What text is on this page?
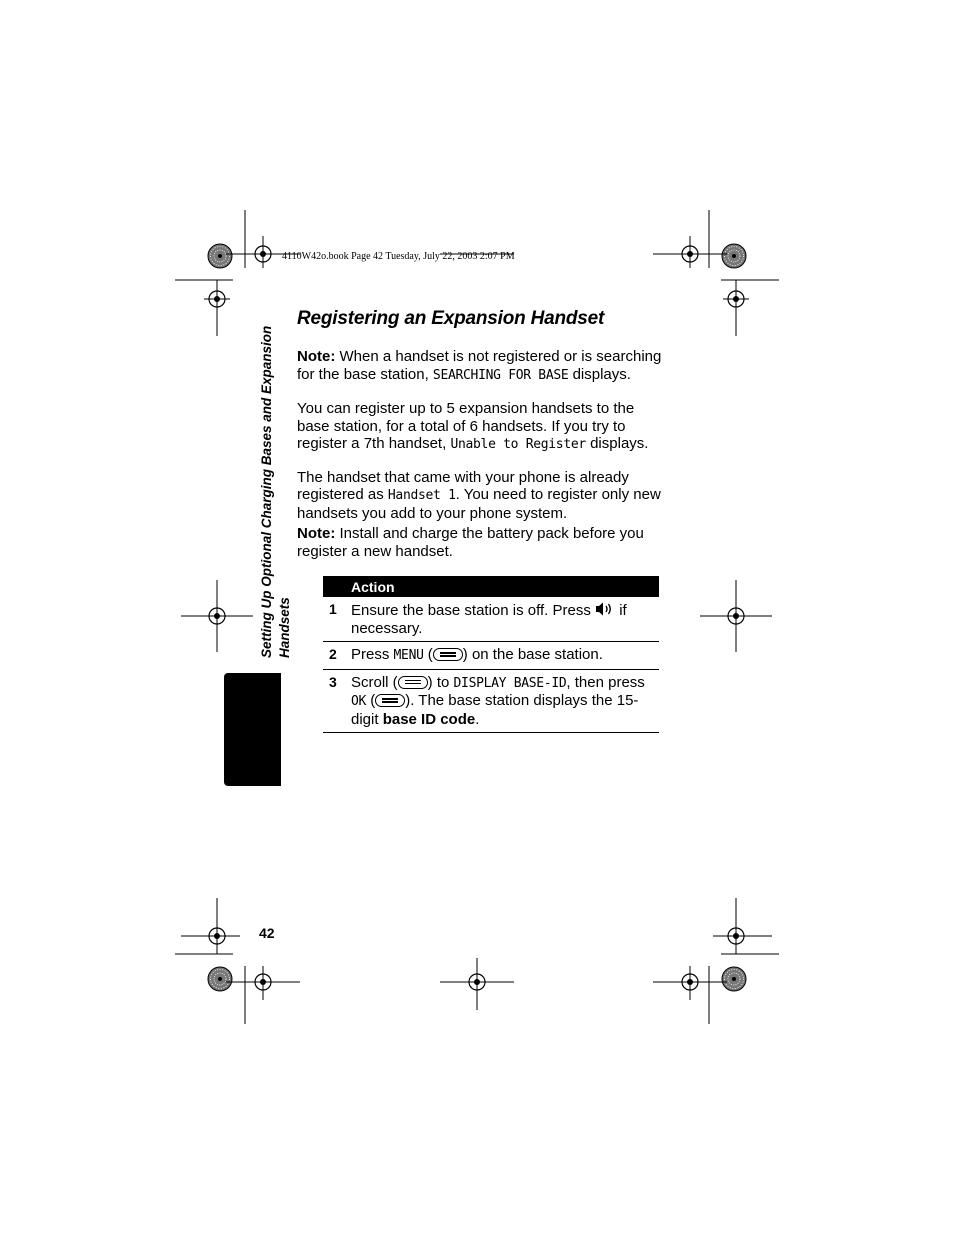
4110W42o.book Page 42 Tuesday, July 22, 2003 2:07 PM
Setting Up Optional Charging Bases and Expansion Handsets
Registering an Expansion Handset

Note: When a handset is not registered or is searching for the base station, SEARCHING FOR BASE displays.

You can register up to 5 expansion handsets to the base station, for a total of 6 handsets. If you try to register a 7th handset, Unable to Register displays.

The handset that came with your phone is already registered as Handset 1. You need to register only new handsets you add to your phone system.

Note: Install and charge the battery pack before you register a new handset.

Action	
1	Ensure the base station is off. Press  if necessary.
2	Press MENU ( ) on the base station.
3	Scroll ( ) to DISPLAY BASE-ID, then press OK ( ). The base station displays the 15-digit base ID code.
42
